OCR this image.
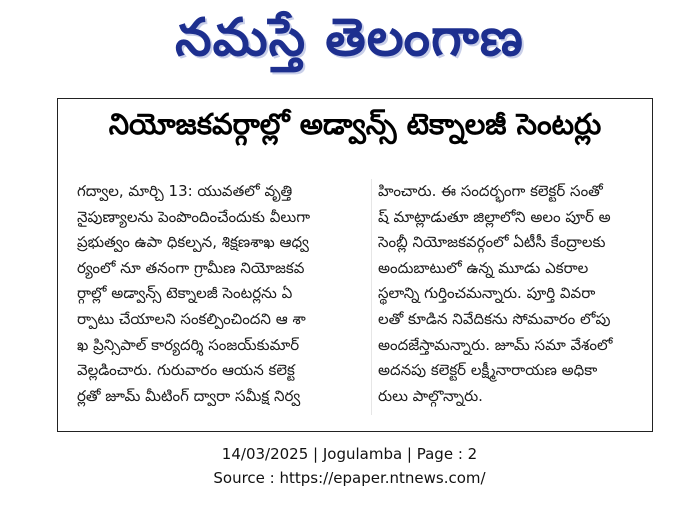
నమస్తే తెలంగాణ
నియోజకవర్గాల్లో అడ్వాన్స్ టెక్నాలజీ సెంటర్లు
గద్వాల, మార్చి 13: యువతలో వృత్తి
నైపుణ్యాలను పెంపొందించేందుకు వీలుగా
ప్రభుత్వం ఉపా ధికల్పన, శిక్షణశాఖ ఆధ్వ
ర్యంలో నూ తనంగా గ్రామీణ నియోజకవ
ర్గాల్లో అడ్వాన్స్ టెక్నాలజీ సెంటర్లను ఏ
ర్పాటు చేయాలని సంకల్పించిందని ఆ శా
ఖ ప్రిన్సిపాల్ కార్యదర్శి సంజయ్‌కుమార్
వెల్లడించారు. గురువారం ఆయన కలెక్ట
ర్లతో జూమ్ మీటింగ్ ద్వారా సమీక్ష నిర్వ
హించారు. ఈ సందర్భంగా కలెక్టర్ సంతో
ష్ మాట్లాడుతూ జిల్లాలోని అలం పూర్ అ
సెంబ్లీ నియోజకవర్గంలో ఏటీసీ కేంద్రాలకు
అందుబాటులో ఉన్న మూడు ఎకరాల
స్థలాన్ని గుర్తించమన్నారు. పూర్తి వివరా
లతో కూడిన నివేదికను సోమవారం లోపు
అందజేస్తామన్నారు. జూమ్ సమా వేశంలో
అదనపు కలెక్టర్ లక్ష్మీనారాయణ అధికా
రులు పాల్గొన్నారు.
14/03/2025 | Jogulamba | Page : 2
Source : https://epaper.ntnews.com/
